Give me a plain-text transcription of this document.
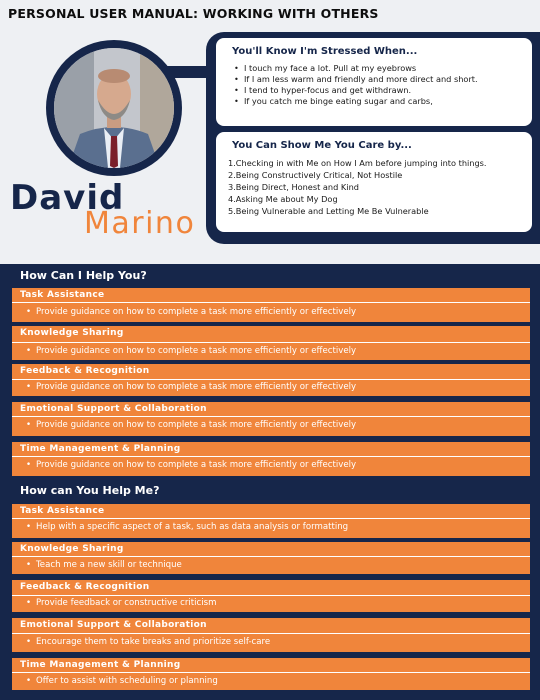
PERSONAL USER MANUAL: WORKING WITH OTHERS
David
Marino
You'll Know I'm Stressed When...
• I touch my face a lot. Pull at my eyebrows
• If I am less warm and friendly and more direct and short.
• I tend to hyper-focus and get withdrawn.
• If you catch me binge eating sugar and carbs,
You Can Show Me You Care by...
1.Checking in with Me on How I Am before jumping into things.
2.Being Constructively Critical, Not Hostile
3.Being Direct, Honest and Kind
4.Asking Me about My Dog
5.Being Vulnerable and Letting Me Be Vulnerable
How Can I Help You?
Task Assistance
• Provide guidance on how to complete a task more efficiently or effectively
Knowledge Sharing
• Provide guidance on how to complete a task more efficiently or effectively
Feedback & Recognition
• Provide guidance on how to complete a task more efficiently or effectively
Emotional Support & Collaboration
• Provide guidance on how to complete a task more efficiently or effectively
Time Management & Planning
• Provide guidance on how to complete a task more efficiently or effectively
How can You Help Me?
Task Assistance
• Help with a specific aspect of a task, such as data analysis or formatting
Knowledge Sharing
• Teach me a new skill or technique
Feedback & Recognition
• Provide feedback or constructive criticism
Emotional Support & Collaboration
• Encourage them to take breaks and prioritize self-care
Time Management & Planning
• Offer to assist with scheduling or planning
